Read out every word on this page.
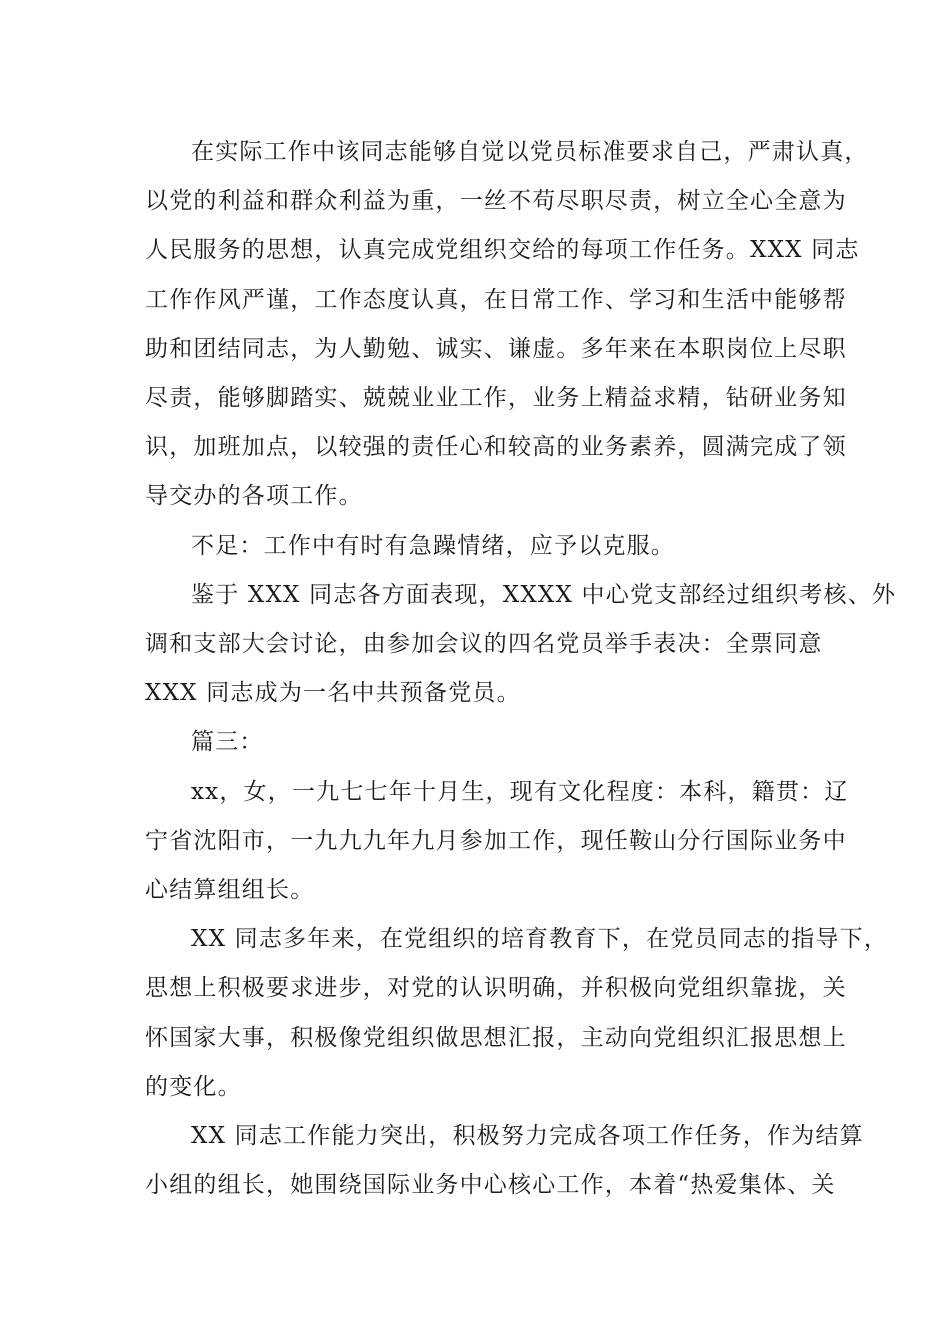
在实际工作中该同志能够自觉以党员标准要求自己，严肃认真，
以党的利益和群众利益为重，一丝不苟尽职尽责，树立全心全意为
人民服务的思想，认真完成党组织交给的每项工作任务。XXX 同志
工作作风严谨，工作态度认真，在日常工作、学习和生活中能够帮
助和团结同志，为人勤勉、诚实、谦虚。多年来在本职岗位上尽职
尽责，能够脚踏实、兢兢业业工作，业务上精益求精，钻研业务知
识，加班加点，以较强的责任心和较高的业务素养，圆满完成了领
导交办的各项工作。
不足：工作中有时有急躁情绪，应予以克服。
鉴于 XXX 同志各方面表现，XXXX 中心党支部经过组织考核、外
调和支部大会讨论，由参加会议的四名党员举手表决：全票同意
XXX 同志成为一名中共预备党员。
篇三：
xx，女，一九七七年十月生，现有文化程度：本科，籍贯：辽
宁省沈阳市，一九九九年九月参加工作，现任鞍山分行国际业务中
心结算组组长。
XX 同志多年来，在党组织的培育教育下，在党员同志的指导下，
思想上积极要求进步，对党的认识明确，并积极向党组织靠拢，关
怀国家大事，积极像党组织做思想汇报，主动向党组织汇报思想上
的变化。
XX 同志工作能力突出，积极努力完成各项工作任务，作为结算
小组的组长，她围绕国际业务中心核心工作，本着“热爱集体、关
